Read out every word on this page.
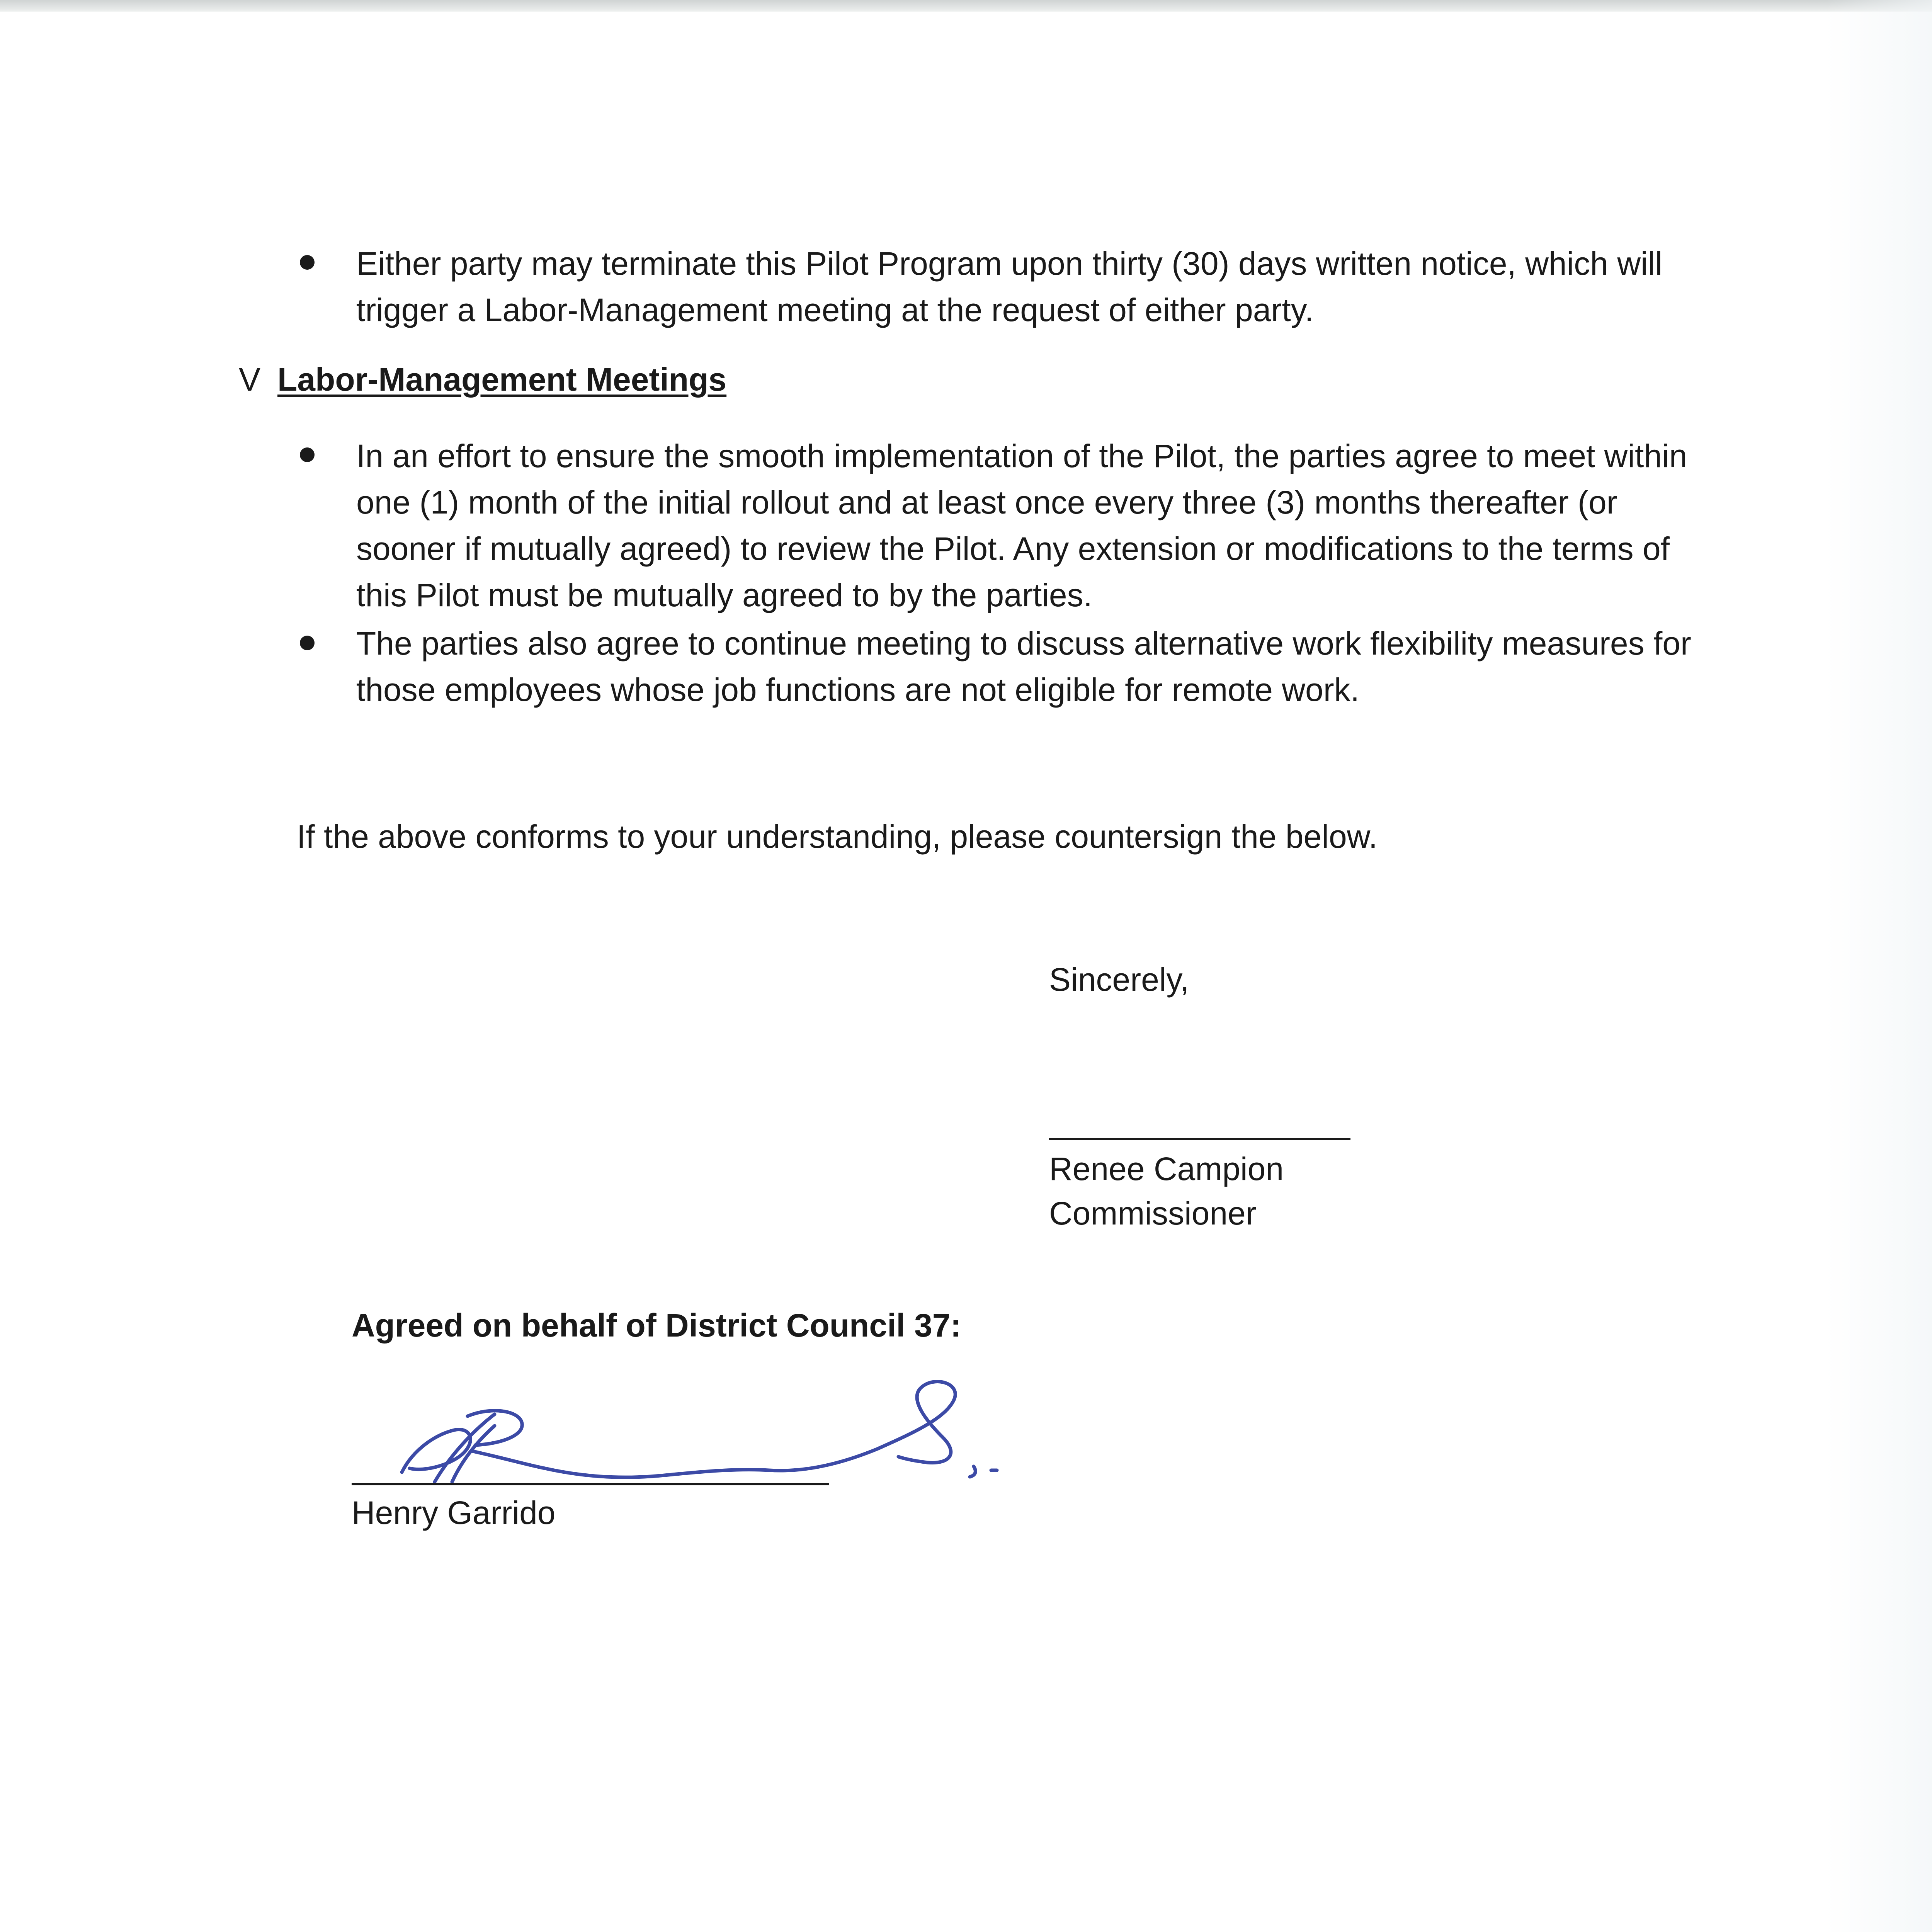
Either party may terminate this Pilot Program upon thirty (30) days written notice, which will
trigger a Labor-Management meeting at the request of either party.
V Labor-Management Meetings
In an effort to ensure the smooth implementation of the Pilot, the parties agree to meet within
one (1) month of the initial rollout and at least once every three (3) months thereafter (or
sooner if mutually agreed) to review the Pilot. Any extension or modifications to the terms of
this Pilot must be mutually agreed to by the parties.
The parties also agree to continue meeting to discuss alternative work flexibility measures for
those employees whose job functions are not eligible for remote work.
If the above conforms to your understanding, please countersign the below.
Sincerely,
Renee Campion
Commissioner
Agreed on behalf of District Council 37:
Henry Garrido
